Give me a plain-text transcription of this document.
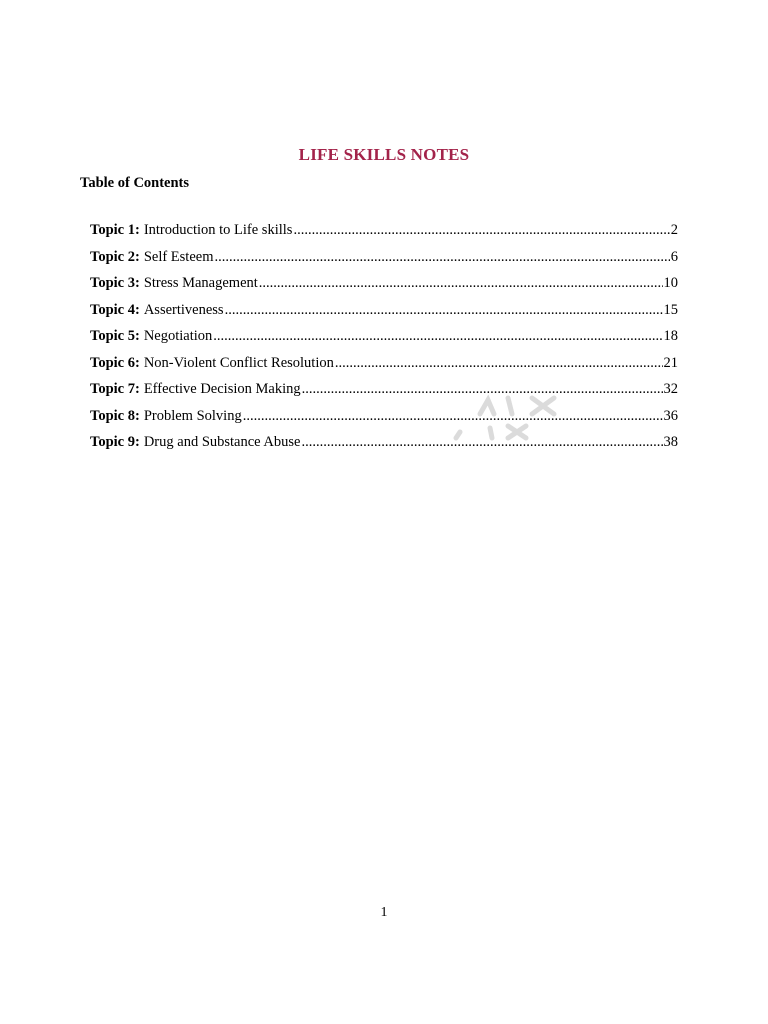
LIFE SKILLS NOTES
Table of Contents
Topic 1: Introduction to Life skills .....	2
Topic 2: Self Esteem .....	6
Topic 3: Stress Management .....	10
Topic 4: Assertiveness .....	15
Topic 5: Negotiation .....	18
Topic 6: Non-Violent Conflict Resolution .....	21
Topic 7: Effective Decision Making .....	32
Topic 8: Problem Solving .....	36
Topic 9: Drug and Substance Abuse .....	38
1
